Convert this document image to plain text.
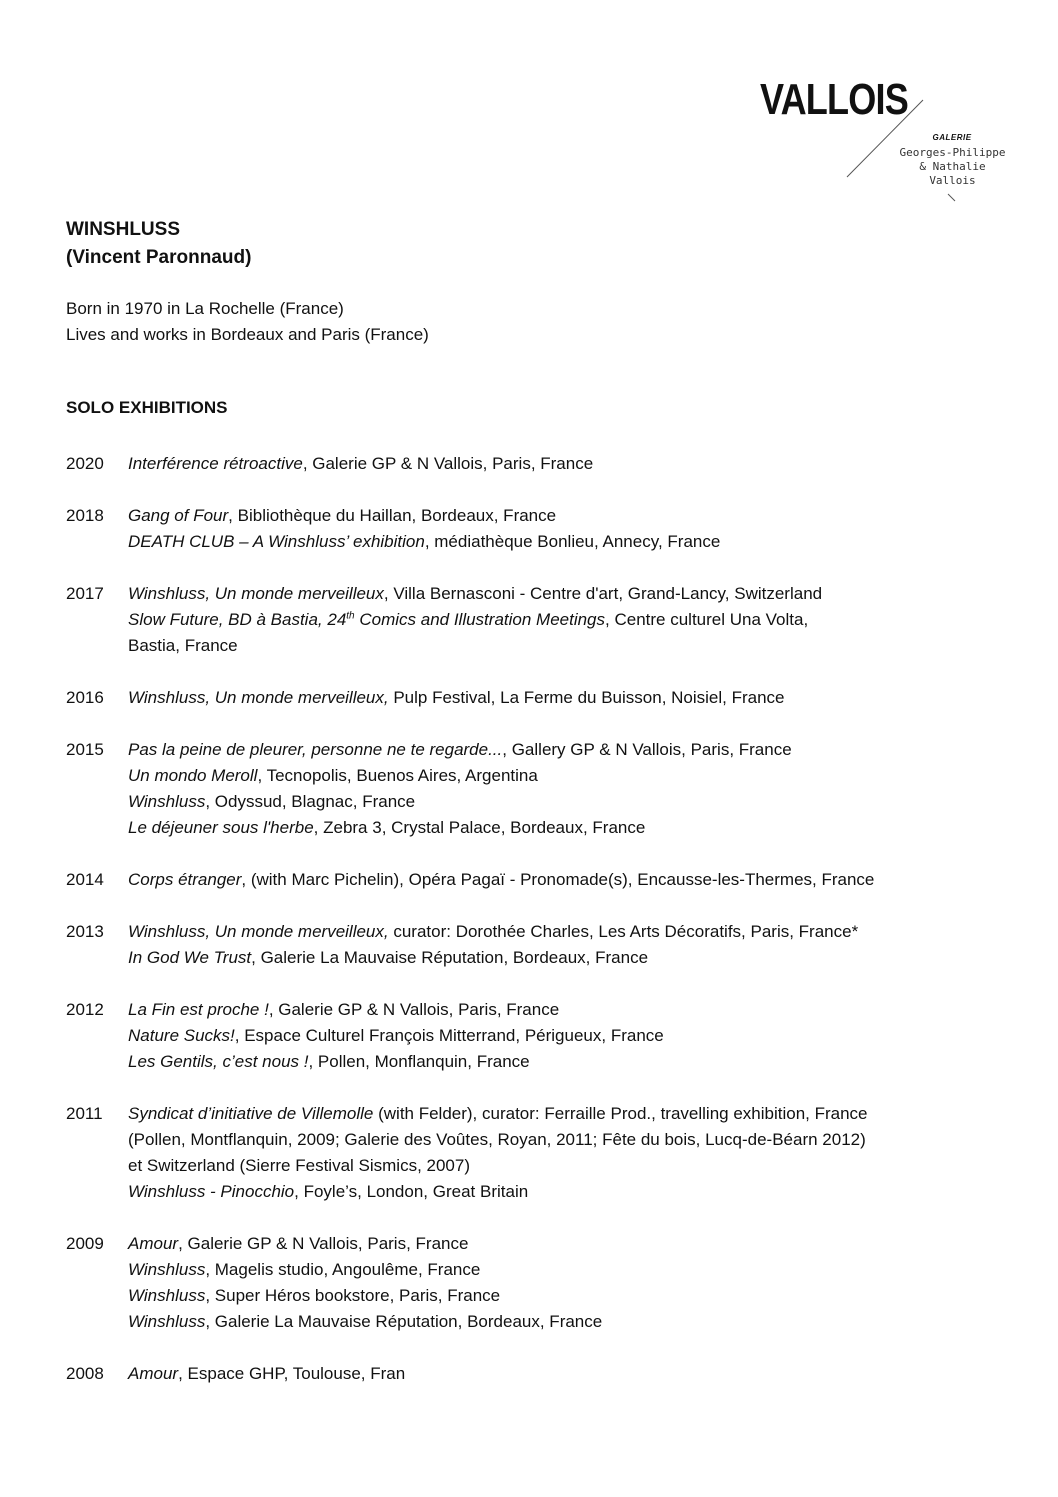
VALLOIS
GALERIE
Georges-Philippe
& Nathalie
Vallois
WINSHLUSS
(Vincent Paronnaud)
Born in 1970 in La Rochelle (France)
Lives and works in Bordeaux and Paris (France)
SOLO EXHIBITIONS
2020	Interférence rétroactive, Galerie GP & N Vallois, Paris, France
2018	Gang of Four, Bibliothèque du Haillan, Bordeaux, France
DEATH CLUB – A Winshluss’ exhibition, médiathèque Bonlieu, Annecy, France
2017	Winshluss, Un monde merveilleux, Villa Bernasconi - Centre d'art, Grand-Lancy, Switzerland
Slow Future, BD à Bastia, 24th Comics and Illustration Meetings, Centre culturel Una Volta,
Bastia, France
2016	Winshluss, Un monde merveilleux, Pulp Festival, La Ferme du Buisson, Noisiel, France
2015	Pas la peine de pleurer, personne ne te regarde..., Gallery GP & N Vallois, Paris, France
Un mondo Meroll, Tecnopolis, Buenos Aires, Argentina
Winshluss, Odyssud, Blagnac, France
Le déjeuner sous l'herbe, Zebra 3, Crystal Palace, Bordeaux, France
2014	Corps étranger, (with Marc Pichelin), Opéra Pagaï - Pronomade(s), Encausse-les-Thermes, France
2013	Winshluss, Un monde merveilleux, curator: Dorothée Charles, Les Arts Décoratifs, Paris, France*
In God We Trust, Galerie La Mauvaise Réputation, Bordeaux, France
2012	La Fin est proche !, Galerie GP & N Vallois, Paris, France
Nature Sucks!, Espace Culturel François Mitterrand, Périgueux, France
Les Gentils, c’est nous !, Pollen, Monflanquin, France
2011	Syndicat d’initiative de Villemolle (with Felder), curator: Ferraille Prod., travelling exhibition, France
(Pollen, Montflanquin, 2009; Galerie des Voûtes, Royan, 2011; Fête du bois, Lucq-de-Béarn 2012)
et Switzerland (Sierre Festival Sismics, 2007)
Winshluss - Pinocchio, Foyle’s, London, Great Britain
2009	Amour, Galerie GP & N Vallois, Paris, France
Winshluss, Magelis studio, Angoulême, France
Winshluss, Super Héros bookstore, Paris, France
Winshluss, Galerie La Mauvaise Réputation, Bordeaux, France
2008	Amour, Espace GHP, Toulouse, Fran
